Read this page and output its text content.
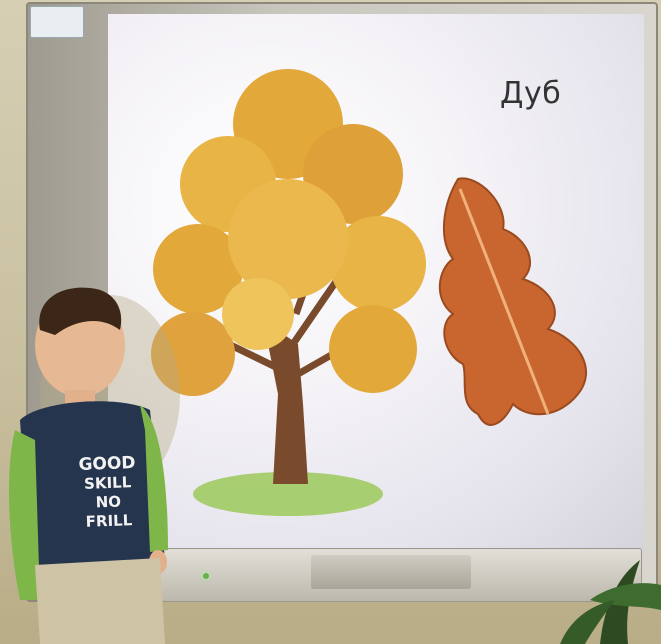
Дуб
GOOD
SKILL
NO
FRILL
